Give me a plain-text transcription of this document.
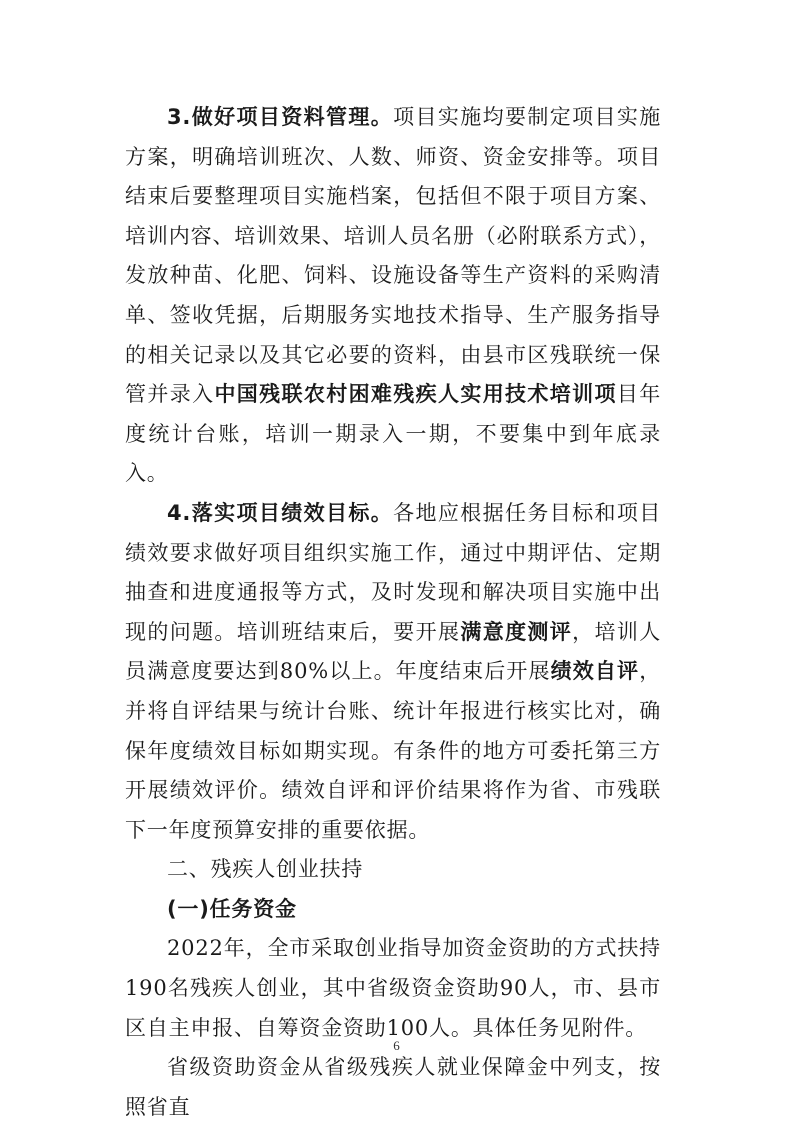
3.做好项目资料管理。项目实施均要制定项目实施方案，明确培训班次、人数、师资、资金安排等。项目结束后要整理项目实施档案，包括但不限于项目方案、培训内容、培训效果、培训人员名册（必附联系方式），发放种苗、化肥、饲料、设施设备等生产资料的采购清单、签收凭据，后期服务实地技术指导、生产服务指导的相关记录以及其它必要的资料，由县市区残联统一保管并录入中国残联农村困难残疾人实用技术培训项目年度统计台账，培训一期录入一期，不要集中到年底录入。

4.落实项目绩效目标。各地应根据任务目标和项目绩效要求做好项目组织实施工作，通过中期评估、定期抽查和进度通报等方式，及时发现和解决项目实施中出现的问题。培训班结束后，要开展满意度测评，培训人员满意度要达到80%以上。年度结束后开展绩效自评，并将自评结果与统计台账、统计年报进行核实比对，确保年度绩效目标如期实现。有条件的地方可委托第三方开展绩效评价。绩效自评和评价结果将作为省、市残联下一年度预算安排的重要依据。

二、残疾人创业扶持

(一)任务资金

2022年，全市采取创业指导加资金资助的方式扶持190名残疾人创业，其中省级资金资助90人，市、县市区自主申报、自筹资金资助100人。具体任务见附件。

省级资助资金从省级残疾人就业保障金中列支，按照省直

6
